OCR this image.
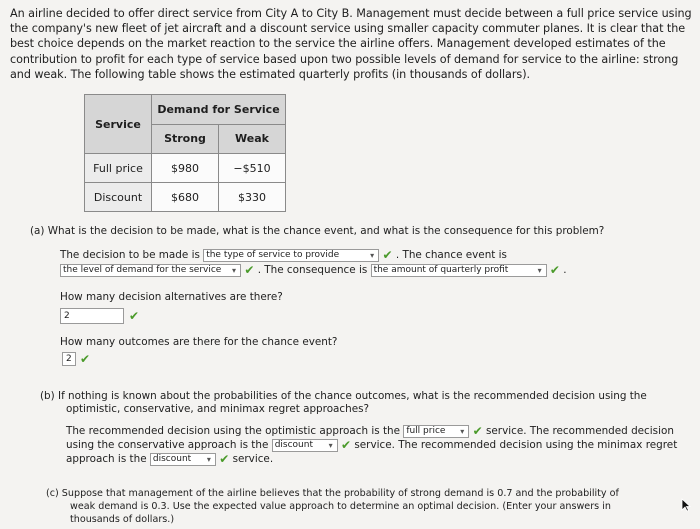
An airline decided to offer direct service from City A to City B. Management must decide between a full price service using the company's new fleet of jet aircraft and a discount service using smaller capacity commuter planes. It is clear that the best choice depends on the market reaction to the service the airline offers. Management developed estimates of the contribution to profit for each type of service based upon two possible levels of demand for service to the airline: strong and weak. The following table shows the estimated quarterly profits (in thousands of dollars).
Service	Demand for Service	
	Strong	Weak
Full price	$980	−$510
Discount	$680	$330
(a) What is the decision to be made, what is the chance event, and what is the consequence for this problem?
The decision to be made is the type of service to provide	▾ ✔ . The chance event is
the level of demand for the service	▾ ✔ . The consequence is the amount of quarterly profit	▾ ✔ .
How many decision alternatives are there?
2	✔
How many outcomes are there for the chance event?
2 ✔
(b) If nothing is known about the probabilities of the chance outcomes, what is the recommended decision using the
optimistic, conservative, and minimax regret approaches?
The recommended decision using the optimistic approach is the full price	▾ ✔ service. The recommended decision
using the conservative approach is the discount	▾ ✔ service. The recommended decision using the minimax regret
approach is the discount	▾ ✔ service.
(c) Suppose that management of the airline believes that the probability of strong demand is 0.7 and the probability of
weak demand is 0.3. Use the expected value approach to determine an optimal decision. (Enter your answers in
thousands of dollars.)
